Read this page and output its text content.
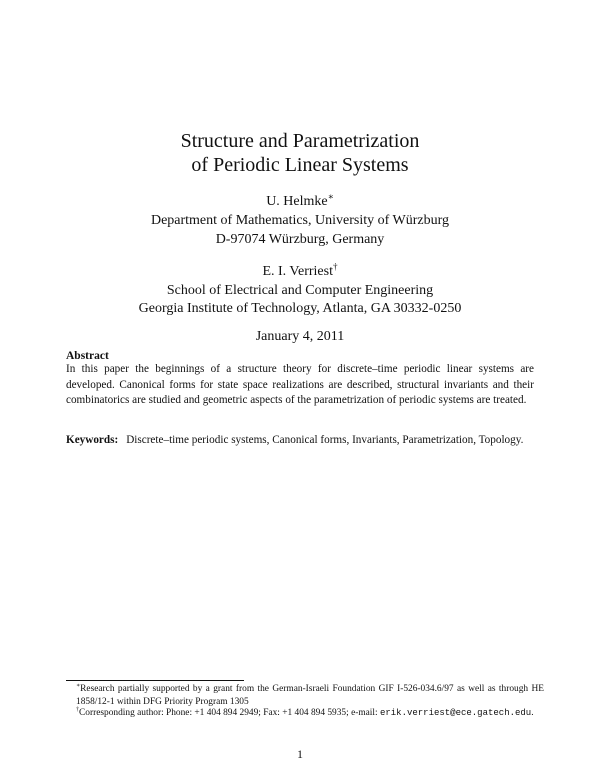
Structure and Parametrization
of Periodic Linear Systems
U. Helmke∗
Department of Mathematics, University of Würzburg
D-97074 Würzburg, Germany
E. I. Verriest†
School of Electrical and Computer Engineering
Georgia Institute of Technology, Atlanta, GA 30332-0250
January 4, 2011
Abstract
In this paper the beginnings of a structure theory for discrete–time periodic linear systems are developed. Canonical forms for state space realizations are described, structural invariants and their combinatorics are studied and geometric aspects of the parametrization of periodic systems are treated.
Keywords: Discrete–time periodic systems, Canonical forms, Invariants, Parametrization, Topology.
∗Research partially supported by a grant from the German-Israeli Foundation GIF I-526-034.6/97 as well as through HE 1858/12-1 within DFG Priority Program 1305
†Corresponding author: Phone: +1 404 894 2949; Fax: +1 404 894 5935; e-mail: erik.verriest@ece.gatech.edu.
1
